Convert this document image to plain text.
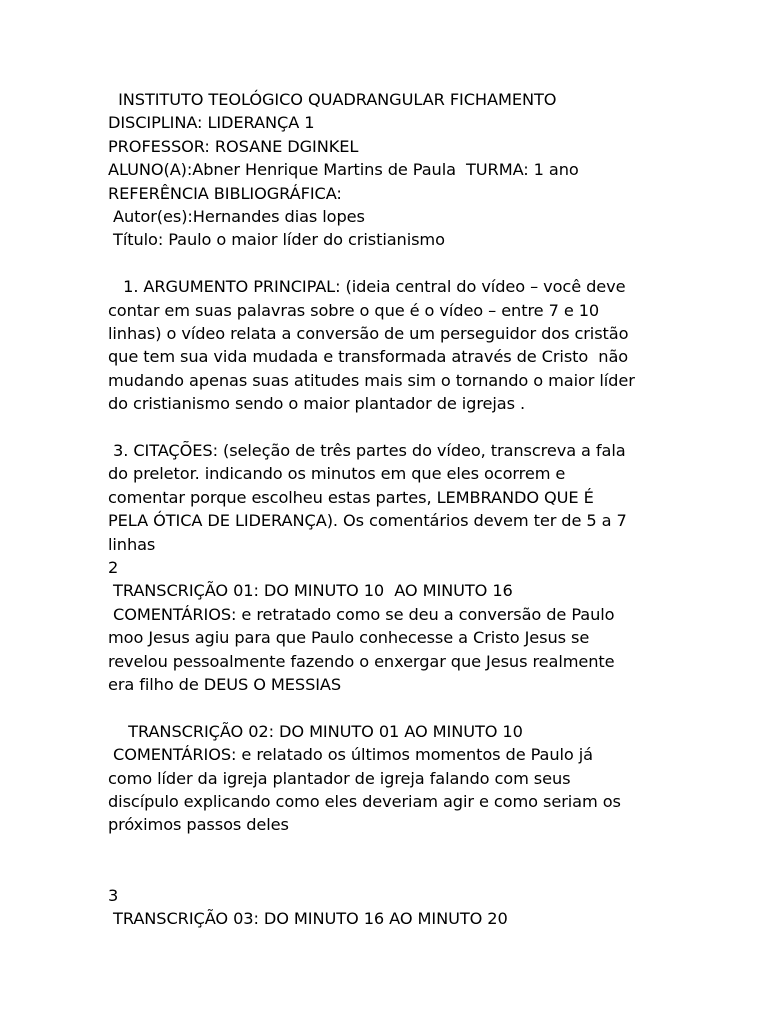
INSTITUTO TEOLÓGICO QUADRANGULAR FICHAMENTO

DISCIPLINA: LIDERANÇA 1

PROFESSOR: ROSANE DGINKEL

ALUNO(A):Abner Henrique Martins de Paula  TURMA: 1 ano

REFERÊNCIA BIBLIOGRÁFICA:

Autor(es):Hernandes dias lopes

Título: Paulo o maior líder do cristianismo

1. ARGUMENTO PRINCIPAL: (ideia central do vídeo – você deve

contar em suas palavras sobre o que é o vídeo – entre 7 e 10

linhas) o vídeo relata a conversão de um perseguidor dos cristão

que tem sua vida mudada e transformada através de Cristo  não

mudando apenas suas atitudes mais sim o tornando o maior líder

do cristianismo sendo o maior plantador de igrejas .

3. CITAÇÕES: (seleção de três partes do vídeo, transcreva a fala

do preletor. indicando os minutos em que eles ocorrem e

comentar porque escolheu estas partes, LEMBRANDO QUE É

PELA ÓTICA DE LIDERANÇA). Os comentários devem ter de 5 a 7

linhas

2

TRANSCRIÇÃO 01: DO MINUTO 10  AO MINUTO 16

COMENTÁRIOS: e retratado como se deu a conversão de Paulo

moo Jesus agiu para que Paulo conhecesse a Cristo Jesus se

revelou pessoalmente fazendo o enxergar que Jesus realmente

era filho de DEUS O MESSIAS

TRANSCRIÇÃO 02: DO MINUTO 01 AO MINUTO 10

COMENTÁRIOS: e relatado os últimos momentos de Paulo já

como líder da igreja plantador de igreja falando com seus

discípulo explicando como eles deveriam agir e como seriam os

próximos passos deles

3

TRANSCRIÇÃO 03: DO MINUTO 16 AO MINUTO 20
